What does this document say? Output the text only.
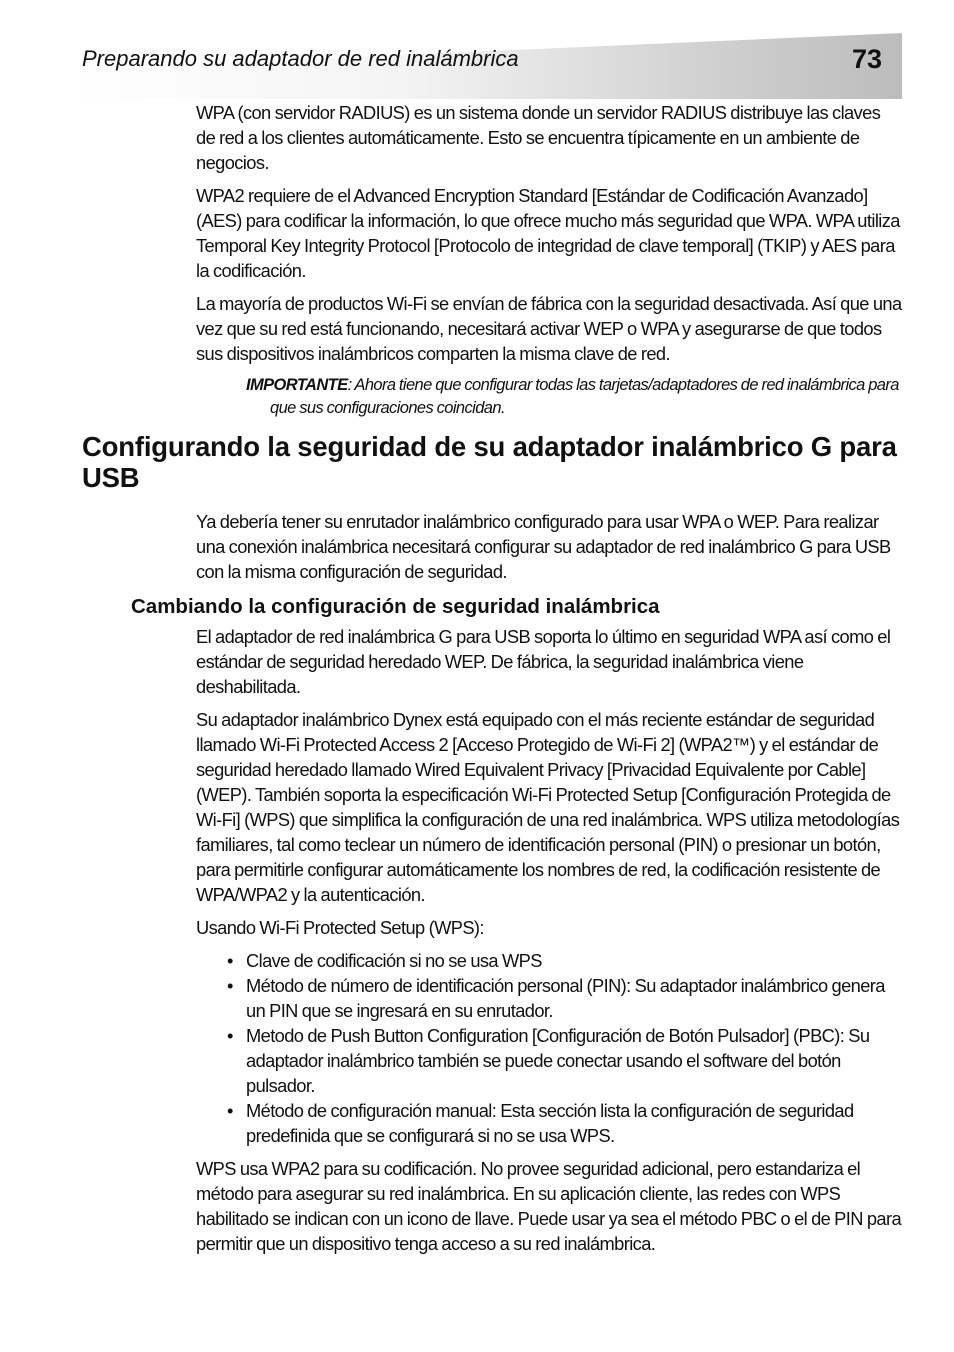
Preparando su adaptador de red inalámbrica	73

WPA (con servidor RADIUS) es un sistema donde un servidor RADIUS distribuye las claves de red a los clientes automáticamente. Esto se encuentra típicamente en un ambiente de negocios.

WPA2 requiere de el Advanced Encryption Standard [Estándar de Codificación Avanzado] (AES) para codificar la información, lo que ofrece mucho más seguridad que WPA. WPA utiliza Temporal Key Integrity Protocol [Protocolo de integridad de clave temporal] (TKIP) y AES para la codificación.

La mayoría de productos Wi-Fi se envían de fábrica con la seguridad desactivada. Así que una vez que su red está funcionando, necesitará activar WEP o WPA y asegurarse de que todos sus dispositivos inalámbricos comparten la misma clave de red.

IMPORTANTE: Ahora tiene que configurar todas las tarjetas/adaptadores de red inalámbrica para que sus configuraciones coincidan.

Configurando la seguridad de su adaptador inalámbrico G para USB

Ya debería tener su enrutador inalámbrico configurado para usar WPA o WEP. Para realizar una conexión inalámbrica necesitará configurar su adaptador de red inalámbrico G para USB con la misma configuración de seguridad.

Cambiando la configuración de seguridad inalámbrica

El adaptador de red inalámbrica G para USB soporta lo último en seguridad WPA así como el estándar de seguridad heredado WEP. De fábrica, la seguridad inalámbrica viene deshabilitada.

Su adaptador inalámbrico Dynex está equipado con el más reciente estándar de seguridad llamado Wi-Fi Protected Access 2 [Acceso Protegido de Wi-Fi 2] (WPA2™) y el estándar de seguridad heredado llamado Wired Equivalent Privacy [Privacidad Equivalente por Cable] (WEP). También soporta la especificación Wi-Fi Protected Setup [Configuración Protegida de Wi-Fi] (WPS) que simplifica la configuración de una red inalámbrica. WPS utiliza metodologías familiares, tal como teclear un número de identificación personal (PIN) o presionar un botón, para permitirle configurar automáticamente los nombres de red, la codificación resistente de WPA/WPA2 y la autenticación.

Usando Wi-Fi Protected Setup (WPS):

• Clave de codificación si no se usa WPS
• Método de número de identificación personal (PIN): Su adaptador inalámbrico genera un PIN que se ingresará en su enrutador.
• Metodo de Push Button Configuration [Configuración de Botón Pulsador] (PBC): Su adaptador inalámbrico también se puede conectar usando el software del botón pulsador.
• Método de configuración manual: Esta sección lista la configuración de seguridad predefinida que se configurará si no se usa WPS.

WPS usa WPA2 para su codificación. No provee seguridad adicional, pero estandariza el método para asegurar su red inalámbrica. En su aplicación cliente, las redes con WPS habilitado se indican con un icono de llave. Puede usar ya sea el método PBC o el de PIN para permitir que un dispositivo tenga acceso a su red inalámbrica.
